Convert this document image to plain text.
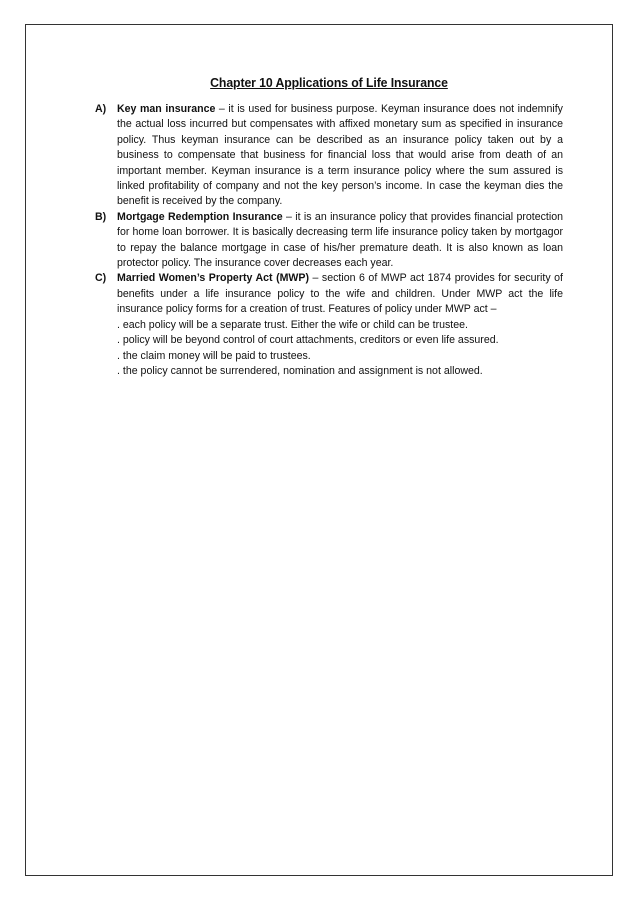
Chapter 10 Applications of Life Insurance
A) Key man insurance – it is used for business purpose. Keyman insurance does not indemnify the actual loss incurred but compensates with affixed monetary sum as specified in insurance policy. Thus keyman insurance can be described as an insurance policy taken out by a business to compensate that business for financial loss that would arise from death of an important member. Keyman insurance is a term insurance policy where the sum assured is linked profitability of company and not the key person’s income. In case the keyman dies the benefit is received by the company.
B) Mortgage Redemption Insurance – it is an insurance policy that provides financial protection for home loan borrower. It is basically decreasing term life insurance policy taken by mortgagor to repay the balance mortgage in case of his/her premature death. It is also known as loan protector policy. The insurance cover decreases each year.
C) Married Women’s Property Act (MWP) – section 6 of MWP act 1874 provides for security of benefits under a life insurance policy to the wife and children. Under MWP act the life insurance policy forms for a creation of trust. Features of policy under MWP act –
. each policy will be a separate trust. Either the wife or child can be trustee.
. policy will be beyond control of court attachments, creditors or even life assured.
. the claim money will be paid to trustees.
. the policy cannot be surrendered, nomination and assignment is not allowed.
